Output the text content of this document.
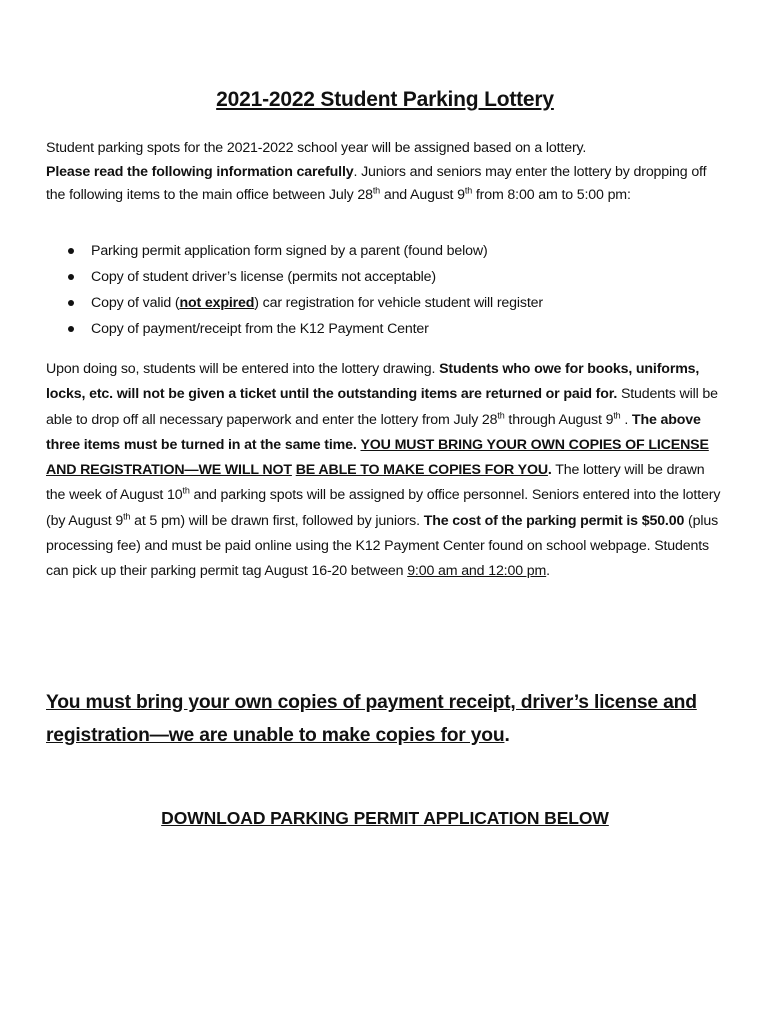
2021-2022 Student Parking Lottery
Student parking spots for the 2021-2022 school year will be assigned based on a lottery.
Please read the following information carefully. Juniors and seniors may enter the lottery by dropping off the following items to the main office between July 28th and August 9th from 8:00 am to 5:00 pm:
Parking permit application form signed by a parent (found below)
Copy of student driver’s license (permits not acceptable)
Copy of valid (not expired) car registration for vehicle student will register
Copy of payment/receipt from the K12 Payment Center
Upon doing so, students will be entered into the lottery drawing. Students who owe for books, uniforms, locks, etc. will not be given a ticket until the outstanding items are returned or paid for. Students will be able to drop off all necessary paperwork and enter the lottery from July 28th through August 9th . The above three items must be turned in at the same time. YOU MUST BRING YOUR OWN COPIES OF LICENSE AND REGISTRATION—WE WILL NOT BE ABLE TO MAKE COPIES FOR YOU. The lottery will be drawn the week of August 10th and parking spots will be assigned by office personnel. Seniors entered into the lottery (by August 9th at 5 pm) will be drawn first, followed by juniors. The cost of the parking permit is $50.00 (plus processing fee) and must be paid online using the K12 Payment Center found on school webpage. Students can pick up their parking permit tag August 16-20 between 9:00 am and 12:00 pm.
You must bring your own copies of payment receipt, driver’s license and registration—we are unable to make copies for you.
DOWNLOAD PARKING PERMIT APPLICATION BELOW
